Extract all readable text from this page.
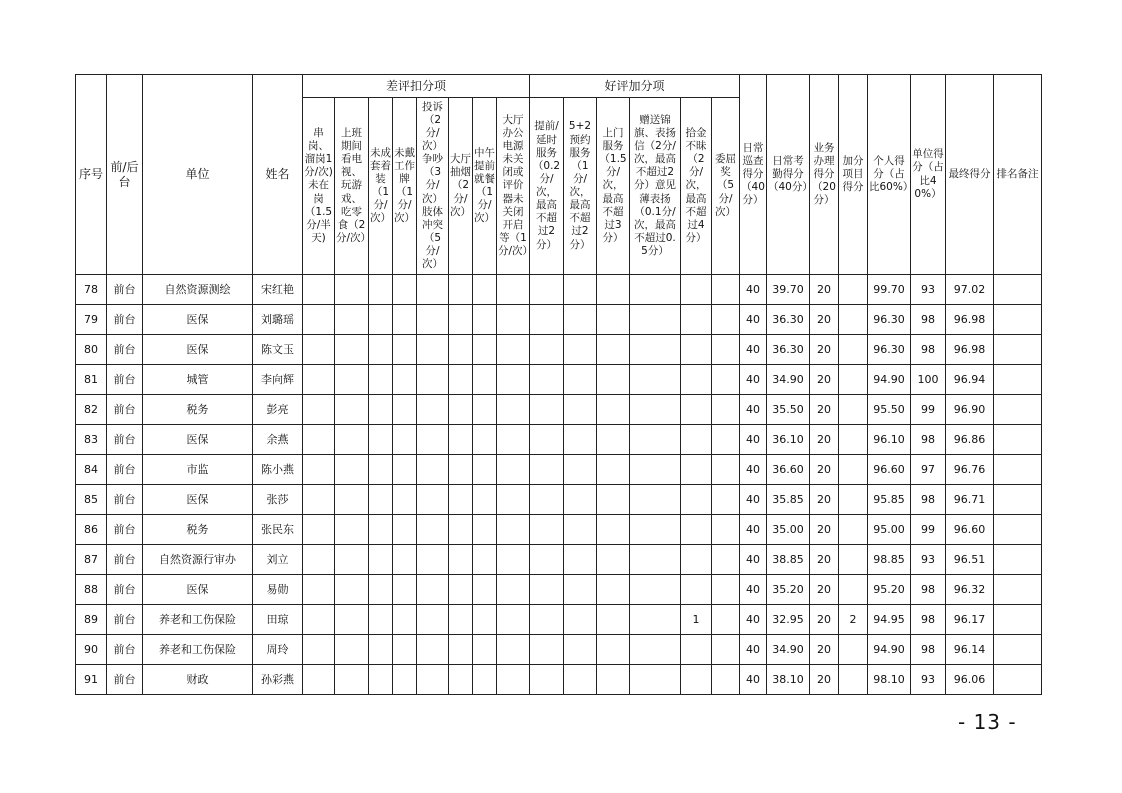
序号	前/后台	单位	姓名	差评扣分项								好评加分项						日常巡查得分（40分）	日常考勤得分（40分）	业务办理得分（20分）	加分项目得分	个人得分（占比60%）	单位得分（占比40%）	最终得分	排名备注
				串岗、溜岗1分/次)未在岗（1.5分/半天)	上班期间看电视、玩游戏、吃零食（2分/次）	未成套着装（1分/次）	未戴工作牌（1分/次）	投诉（2分/次）争吵（3分/次）肢体冲突（5分/次）	大厅抽烟（2分/次）	中午提前就餐（1分/次）	大厅办公电源未关闭或评价器未关闭开启等（1分/次）	提前/延时服务（0.2分/次，最高不超过2分）	5+2预约服务（1分/次，最高不超过2分）	上门服务（1.5分/次，最高不超过3分）	赠送锦旗、表扬信（2分/次，最高不超过2分）意见薄表扬（0.1分/次，最高不超过0.5分）	拾金不昧（2分/次，最高不超过4分）	委屈奖（5分/次）								
78	前台	自然资源测绘	宋红艳															40	39.70	20		99.70	93	97.02	
79	前台	医保	刘璐瑶															40	36.30	20		96.30	98	96.98	
80	前台	医保	陈文玉															40	36.30	20		96.30	98	96.98	
81	前台	城管	李向辉															40	34.90	20		94.90	100	96.94	
82	前台	税务	彭亮															40	35.50	20		95.50	99	96.90	
83	前台	医保	余燕															40	36.10	20		96.10	98	96.86	
84	前台	市监	陈小燕															40	36.60	20		96.60	97	96.76	
85	前台	医保	张莎															40	35.85	20		95.85	98	96.71	
86	前台	税务	张民东															40	35.00	20		95.00	99	96.60	
87	前台	自然资源行审办	刘立															40	38.85	20		98.85	93	96.51	
88	前台	医保	易勋															40	35.20	20		95.20	98	96.32	
89	前台	养老和工伤保险	田琼													1		40	32.95	20	2	94.95	98	96.17	
90	前台	养老和工伤保险	周玲															40	34.90	20		94.90	98	96.14	
91	前台	财政	孙彩燕															40	38.10	20		98.10	93	96.06	
- 13 -
